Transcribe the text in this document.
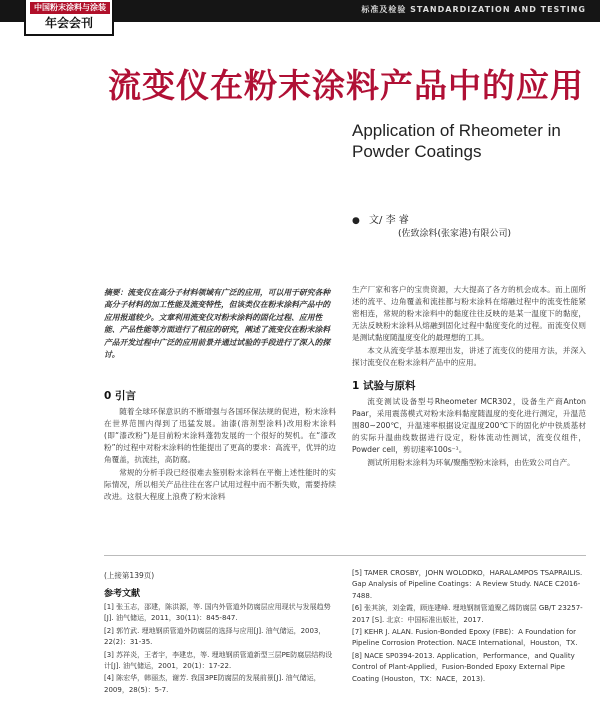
标准及检验 STANDARDIZATION AND TESTING
中国粉末涂料与涂装
年会会刊
流变仪在粉末涂料产品中的应用
Application of Rheometer in Powder Coatings
● 文/ 李 睿
(佐致涂料(张家港)有限公司)
摘要：流变仪在高分子材料领域有广泛的应用，可以用于研究各种高分子材料的加工性能及流变特性，但该类仪在粉末涂料产品中的应用报道较少。文章利用流变仪对粉末涂料的固化过程、应用性能、产品性能等方面进行了相应的研究，阐述了流变仪在粉末涂料产品开发过程中广泛的应用前景并通过试验的手段进行了深入的探讨。
0 引言

随着全球环保意识的不断增强与各国环保法规的促进，粉末涂料在世界范围内得到了迅猛发展。油漆(溶剂型涂料)改用粉末涂料(即“漆改粉”)是目前粉末涂料蓬勃发展的一个很好的契机。在“漆改粉”的过程中对粉末涂料的性能提出了更高的要求：高流平，优异的边角覆盖，抗流挂，高防腐。

常规的分析手段已经很难去鉴别粉末涂料在平衡上述性能时的实际情况，所以相关产品往往在客户试用过程中而不断失败，需要持续改进。这很大程度上浪费了粉末涂料

生产厂家和客户的宝贵资源，大大提高了各方的机会成本。而上面所述的流平、边角覆盖和流挂都与粉末涂料在熔融过程中的流变性能紧密相连，常规的粉末涂料中的黏度往往反映的是某一温度下的黏度，无法反映粉末涂料从熔融到固化过程中黏度变化的过程。而流变仪则是测试黏度随温度变化的最理想的工具。

本文从流变学基本原理出发，讲述了流变仪的使用方法，并深入探讨流变仪在粉末涂料产品中的应用。

1 试验与原料

流变测试设备型号Rheometer MCR302，设备生产商Anton Paar，采用震荡模式对粉末涂料黏度随温度的变化进行测定，升温范围80~200℃，升温速率根据设定温度200℃下的固化炉中铁质基材的实际升温曲线数据进行设定，粉体流动性测试，流变仪组件，Powder cell，剪切速率100s⁻¹。

测试所用粉末涂料为环氧/聚酯型粉末涂料，由佐致公司自产。

(上接第139页)
参考文献

[1] 张玉志，邵建，陈洪源，等. 国内外管道外防腐层应用现状与发展趋势[J]. 油气储运，2011，30(11)：845-847.

[2] 郭竹武. 埋地钢质管道外防腐层的选择与应用[J]. 油气储运，2003，22(2)：31-35.

[3] 苏祥炎，王者宇，李建忠，等. 埋地钢质管道新型三层PE防腐层结构设计[J]. 油气储运，2001，20(1)：17-22.

[4] 陈宏华，韩丽杰，谢芳. 我国3PE防腐层的发展前景[J]. 油气储运，2009，28(5)：5-7.

[5] TAMER CROSBY，JOHN WOLODKO，HARALAMPOS TSAPRAILIS. Gap Analysis of Pipeline Coatings：A Review Study. NACE C2016-7488.

[6] 张其滨，刘金霞，顾连建峰. 埋地钢制管道聚乙烯防腐层 GB/T 23257-2017 [S]. 北京：中国标准出版社，2017.

[7] KEHR J. ALAN. Fusion-Bonded Epoxy (FBE)：A Foundation for Pipeline Corrosion Protection. NACE International，Houston，TX.

[8] NACE SP0394-2013. Application，Performance，and Quality Control of Plant-Applied，Fusion-Bonded Epoxy External Pipe Coating (Houston，TX：NACE，2013).
